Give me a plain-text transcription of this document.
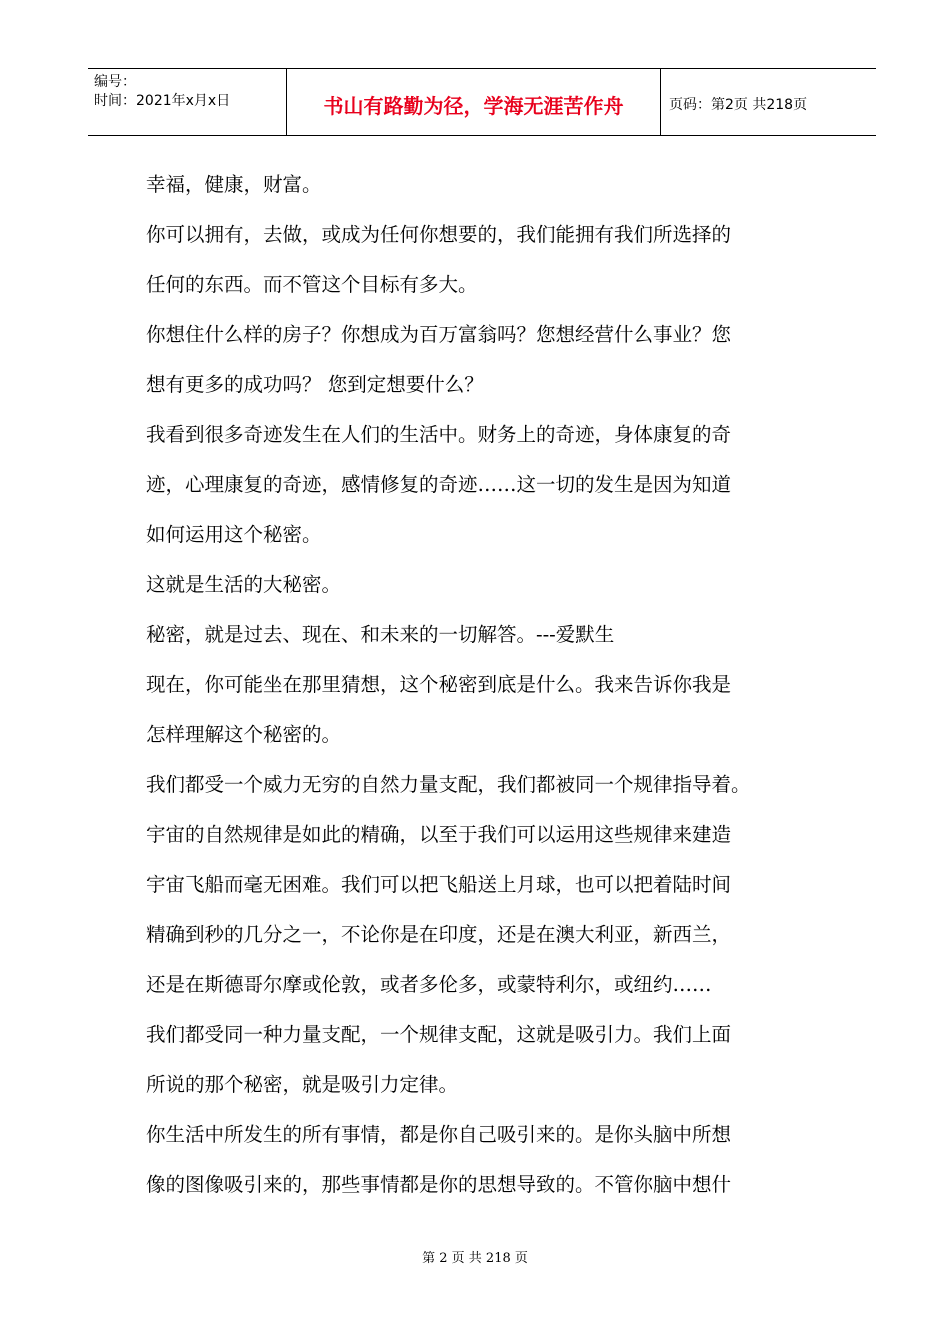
编号：
时间：2021年x月x日	书山有路勤为径，学海无涯苦作舟	页码：第2页 共218页

幸福，健康，财富。

你可以拥有，去做，或成为任何你想要的，我们能拥有我们所选择的

任何的东西。而不管这个目标有多大。

你想住什么样的房子？你想成为百万富翁吗？您想经营什么事业？您

想有更多的成功吗？ 您到定想要什么？

我看到很多奇迹发生在人们的生活中。财务上的奇迹，身体康复的奇

迹，心理康复的奇迹，感情修复的奇迹……这一切的发生是因为知道

如何运用这个秘密。

这就是生活的大秘密。

秘密，就是过去、现在、和未来的一切解答。---爱默生

现在，你可能坐在那里猜想，这个秘密到底是什么。我来告诉你我是

怎样理解这个秘密的。

我们都受一个威力无穷的自然力量支配，我们都被同一个规律指导着。

宇宙的自然规律是如此的精确，以至于我们可以运用这些规律来建造

宇宙飞船而毫无困难。我们可以把飞船送上月球，也可以把着陆时间

精确到秒的几分之一，不论你是在印度，还是在澳大利亚，新西兰，

还是在斯德哥尔摩或伦敦，或者多伦多，或蒙特利尔，或纽约……

我们都受同一种力量支配，一个规律支配，这就是吸引力。我们上面

所说的那个秘密，就是吸引力定律。

你生活中所发生的所有事情，都是你自己吸引来的。是你头脑中所想

像的图像吸引来的，那些事情都是你的思想导致的。不管你脑中想什

第 2 页 共 218 页
